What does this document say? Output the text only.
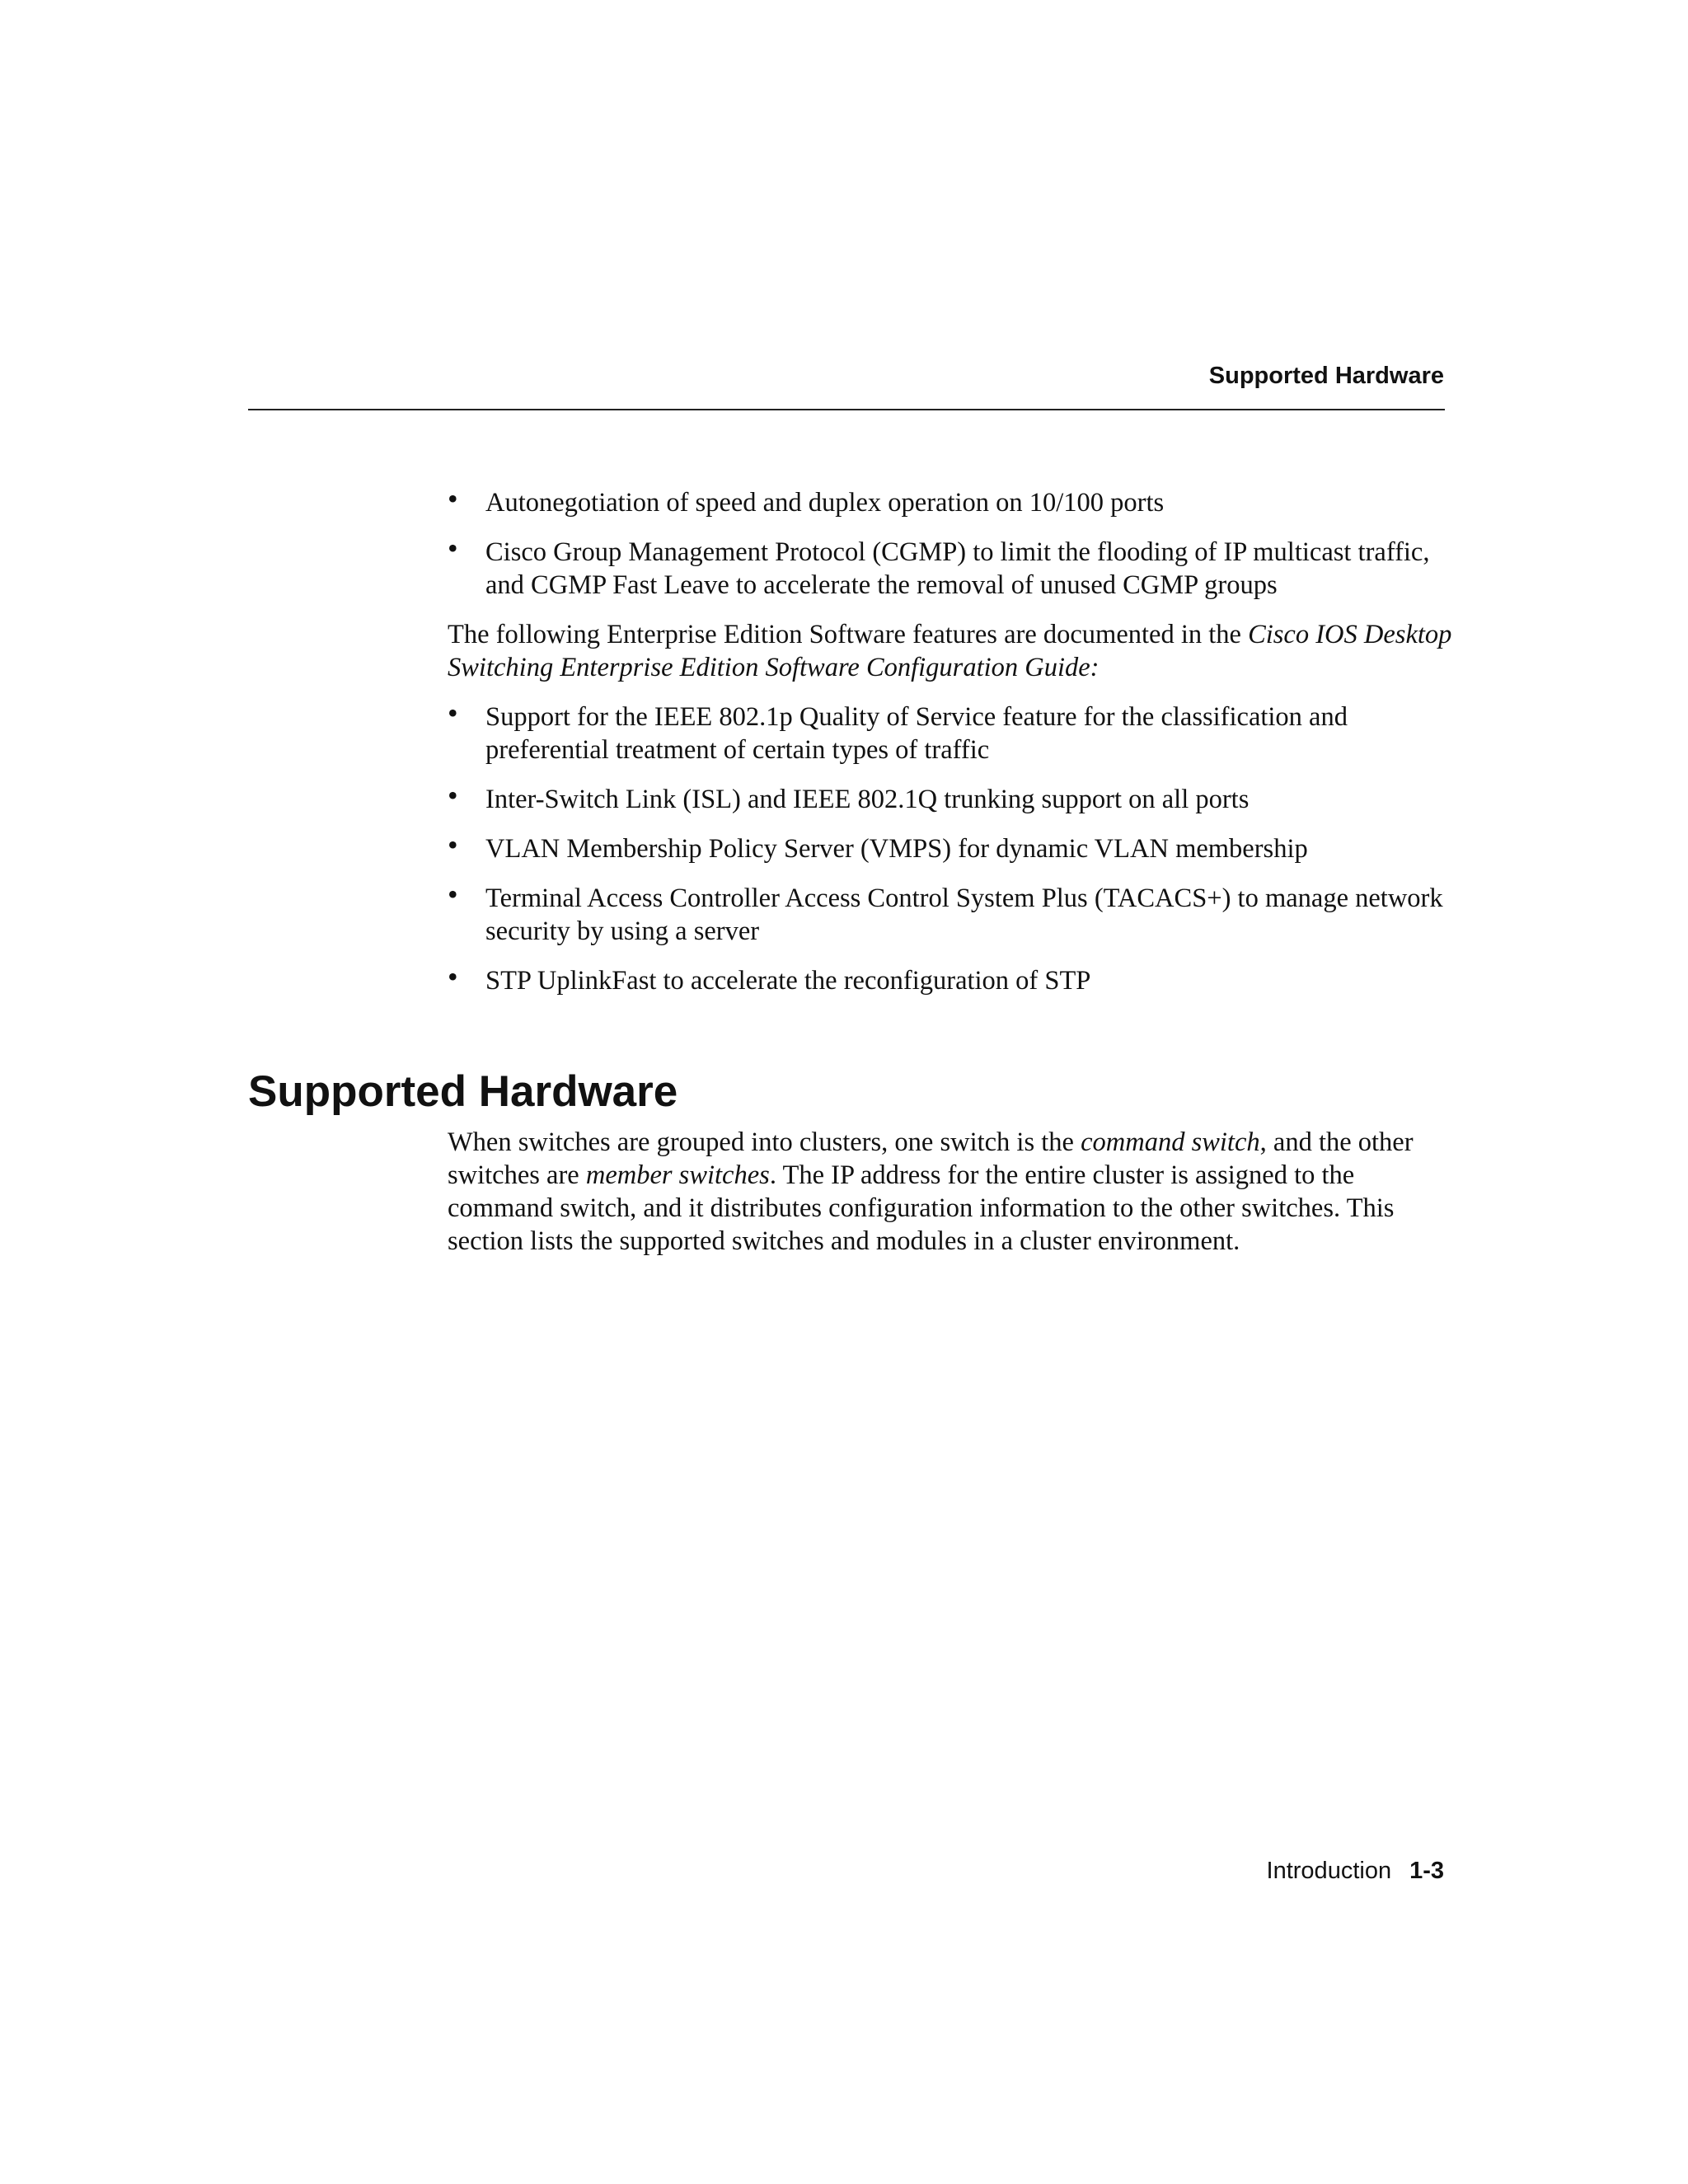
Supported Hardware
• Autonegotiation of speed and duplex operation on 10/100 ports
• Cisco Group Management Protocol (CGMP) to limit the flooding of IP multicast traffic, and CGMP Fast Leave to accelerate the removal of unused CGMP groups

The following Enterprise Edition Software features are documented in the Cisco IOS Desktop Switching Enterprise Edition Software Configuration Guide:

• Support for the IEEE 802.1p Quality of Service feature for the classification and preferential treatment of certain types of traffic
• Inter-Switch Link (ISL) and IEEE 802.1Q trunking support on all ports
• VLAN Membership Policy Server (VMPS) for dynamic VLAN membership
• Terminal Access Controller Access Control System Plus (TACACS+) to manage network security by using a server
• STP UplinkFast to accelerate the reconfiguration of STP
Supported Hardware

When switches are grouped into clusters, one switch is the command switch, and the other switches are member switches. The IP address for the entire cluster is assigned to the command switch, and it distributes configuration information to the other switches. This section lists the supported switches and modules in a cluster environment.

Introduction 1-3
